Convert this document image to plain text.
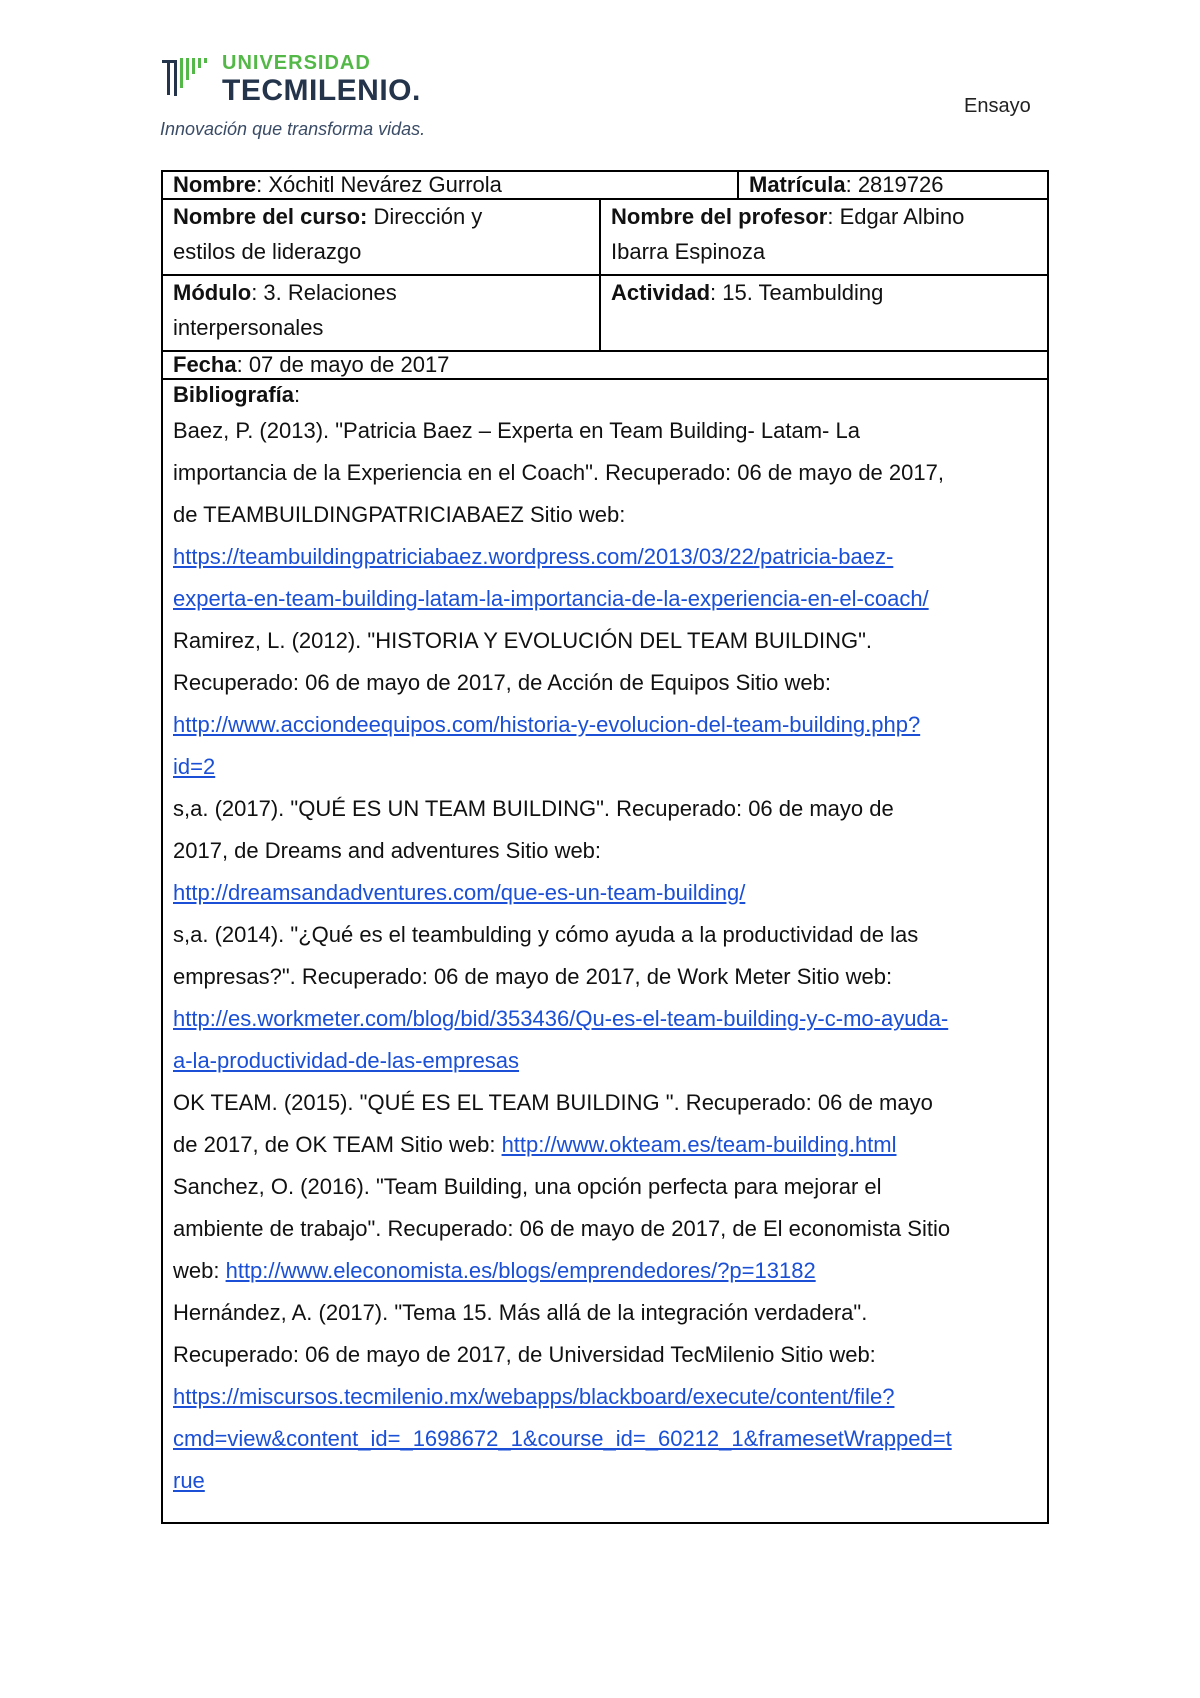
UNIVERSIDAD
TECMILENIO.
Innovación que transforma vidas.
Ensayo
Nombre: Xóchitl Nevárez Gurrola	Matrícula: 2819726
Nombre del curso: Dirección y
estilos de liderazgo
Nombre del profesor: Edgar Albino
Ibarra Espinoza
Módulo: 3. Relaciones
interpersonales
Actividad: 15. Teambulding
Fecha: 07 de mayo de 2017
Bibliografía:
Baez, P. (2013). "Patricia Baez – Experta en Team Building- Latam- La
importancia de la Experiencia en el Coach". Recuperado: 06 de mayo de 2017,
de TEAMBUILDINGPATRICIABAEZ Sitio web:
https://teambuildingpatriciabaez.wordpress.com/2013/03/22/patricia-baez-
experta-en-team-building-latam-la-importancia-de-la-experiencia-en-el-coach/
Ramirez, L. (2012). "HISTORIA Y EVOLUCIÓN DEL TEAM BUILDING".
Recuperado: 06 de mayo de 2017, de Acción de Equipos Sitio web:
http://www.acciondeequipos.com/historia-y-evolucion-del-team-building.php?
id=2
s,a. (2017). "QUÉ ES UN TEAM BUILDING". Recuperado: 06 de mayo de
2017, de Dreams and adventures Sitio web:
http://dreamsandadventures.com/que-es-un-team-building/
s,a. (2014). "¿Qué es el teambulding y cómo ayuda a la productividad de las
empresas?". Recuperado: 06 de mayo de 2017, de Work Meter Sitio web:
http://es.workmeter.com/blog/bid/353436/Qu-es-el-team-building-y-c-mo-ayuda-
a-la-productividad-de-las-empresas
OK TEAM. (2015). "QUÉ ES EL TEAM BUILDING ". Recuperado: 06 de mayo
de 2017, de OK TEAM Sitio web: http://www.okteam.es/team-building.html
Sanchez, O. (2016). "Team Building, una opción perfecta para mejorar el
ambiente de trabajo". Recuperado: 06 de mayo de 2017, de El economista Sitio
web: http://www.eleconomista.es/blogs/emprendedores/?p=13182
Hernández, A. (2017). "Tema 15. Más allá de la integración verdadera".
Recuperado: 06 de mayo de 2017, de Universidad TecMilenio Sitio web:
https://miscursos.tecmilenio.mx/webapps/blackboard/execute/content/file?
cmd=view&content_id=_1698672_1&course_id=_60212_1&framesetWrapped=t
rue
